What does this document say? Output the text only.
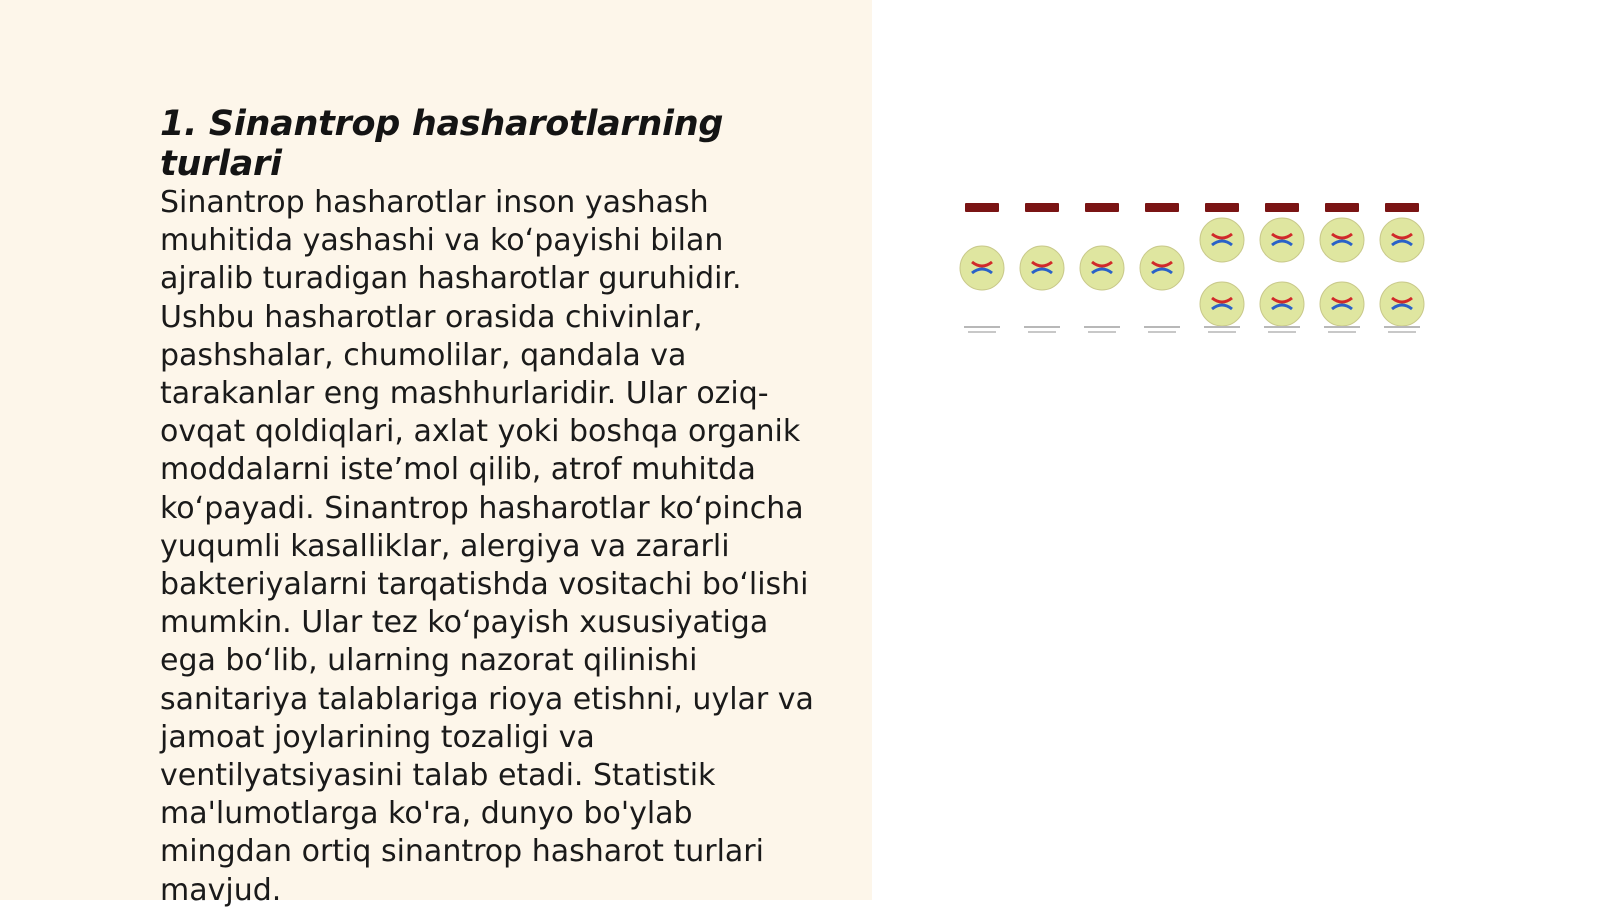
1. Sinantrop hasharotlarning turlari

Sinantrop hasharotlar inson yashash muhitida yashashi va ko‘payishi bilan ajralib turadigan hasharotlar guruhidir. Ushbu hasharotlar orasida chivinlar, pashshalar, chumolilar, qandala va tarakanlar eng mashhurlaridir. Ular oziq-ovqat qoldiqlari, axlat yoki boshqa organik moddalarni iste’mol qilib, atrof muhitda ko‘payadi. Sinantrop hasharotlar ko‘pincha yuqumli kasalliklar, alergiya va zararli bakteriyalarni tarqatishda vositachi bo‘lishi mumkin. Ular tez ko‘payish xususiyatiga ega bo‘lib, ularning nazorat qilinishi sanitariya talablariga rioya etishni, uylar va jamoat joylarining tozaligi va ventilyatsiyasini talab etadi. Statistik ma'lumotlarga ko'ra, dunyo bo'ylab mingdan ortiq sinantrop hasharot turlari mavjud.
